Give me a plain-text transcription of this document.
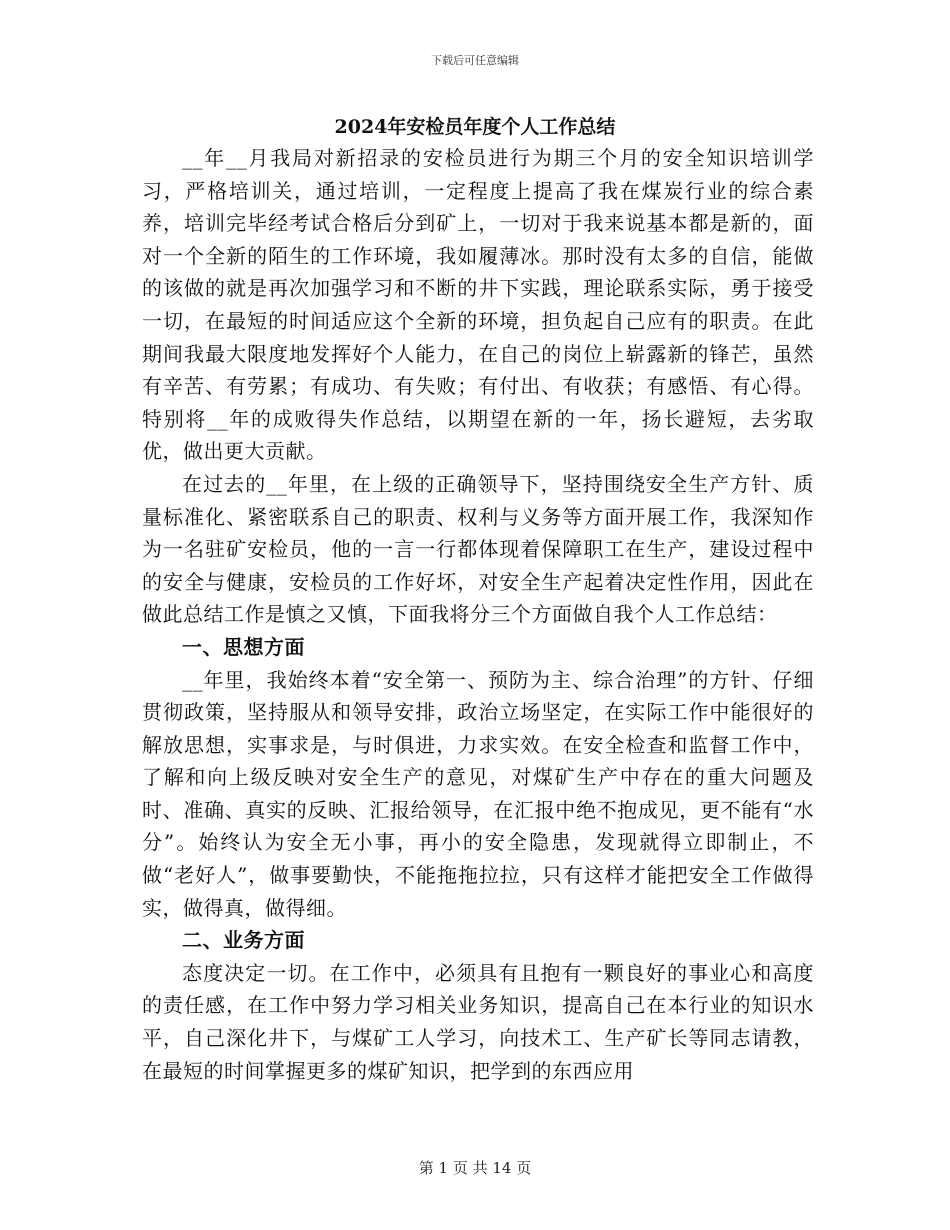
下载后可任意编辑
2024年安检员年度个人工作总结

__年__月我局对新招录的安检员进行为期三个月的安全知识培训学习，严格培训关，通过培训，一定程度上提高了我在煤炭行业的综合素养，培训完毕经考试合格后分到矿上，一切对于我来说基本都是新的，面对一个全新的陌生的工作环境，我如履薄冰。那时没有太多的自信，能做的该做的就是再次加强学习和不断的井下实践，理论联系实际，勇于接受一切，在最短的时间适应这个全新的环境，担负起自己应有的职责。在此期间我最大限度地发挥好个人能力，在自己的岗位上崭露新的锋芒，虽然有辛苦、有劳累；有成功、有失败；有付出、有收获；有感悟、有心得。特别将__年的成败得失作总结，以期望在新的一年，扬长避短，去劣取优，做出更大贡献。

在过去的__年里，在上级的正确领导下，坚持围绕安全生产方针、质量标准化、紧密联系自己的职责、权利与义务等方面开展工作，我深知作为一名驻矿安检员，他的一言一行都体现着保障职工在生产，建设过程中的安全与健康，安检员的工作好坏，对安全生产起着决定性作用，因此在做此总结工作是慎之又慎，下面我将分三个方面做自我个人工作总结：

一、思想方面

__年里，我始终本着“安全第一、预防为主、综合治理”的方针、仔细贯彻政策，坚持服从和领导安排，政治立场坚定，在实际工作中能很好的解放思想，实事求是，与时俱进，力求实效。在安全检查和监督工作中，了解和向上级反映对安全生产的意见，对煤矿生产中存在的重大问题及时、准确、真实的反映、汇报给领导，在汇报中绝不抱成见，更不能有“水分”。始终认为安全无小事，再小的安全隐患，发现就得立即制止，不做“老好人”，做事要勤快，不能拖拖拉拉，只有这样才能把安全工作做得实，做得真，做得细。

二、业务方面

态度决定一切。在工作中，必须具有且抱有一颗良好的事业心和高度的责任感，在工作中努力学习相关业务知识，提高自己在本行业的知识水平，自己深化井下，与煤矿工人学习，向技术工、生产矿长等同志请教，在最短的时间掌握更多的煤矿知识，把学到的东西应用

第 1 页 共 14 页
